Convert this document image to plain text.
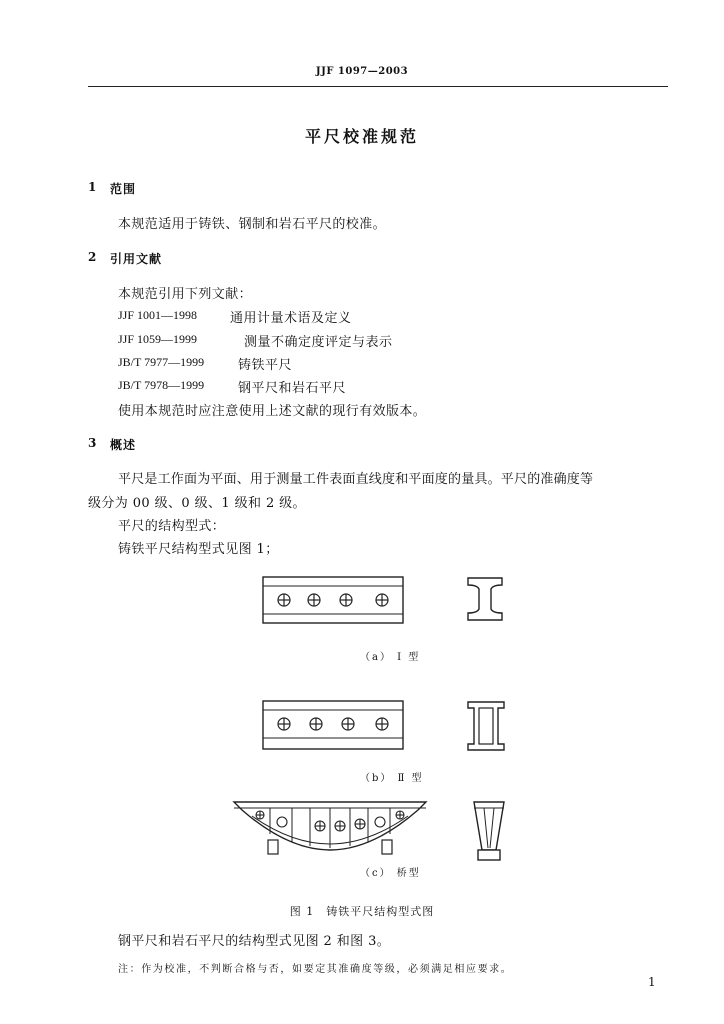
JJF 1097—2003
平尺校准规范
1 范围
本规范适用于铸铁、钢制和岩石平尺的校准。
2 引用文献
本规范引用下列文献：
JJF 1001—1998	通用计量术语及定义
JJF 1059—1999	测量不确定度评定与表示
JB/T 7977—1999	铸铁平尺
JB/T 7978—1999	钢平尺和岩石平尺
使用本规范时应注意使用上述文献的现行有效版本。
3 概述
平尺是工作面为平面、用于测量工件表面直线度和平面度的量具。平尺的准确度等
级分为 00 级、0 级、1 级和 2 级。
平尺的结构型式：
铸铁平尺结构型式见图 1；
（a） Ⅰ 型
（b） Ⅱ 型
（c） 桥型
图 1　铸铁平尺结构型式图
钢平尺和岩石平尺的结构型式见图 2 和图 3。
注：作为校准，不判断合格与否，如要定其准确度等级，必须满足相应要求。
1
